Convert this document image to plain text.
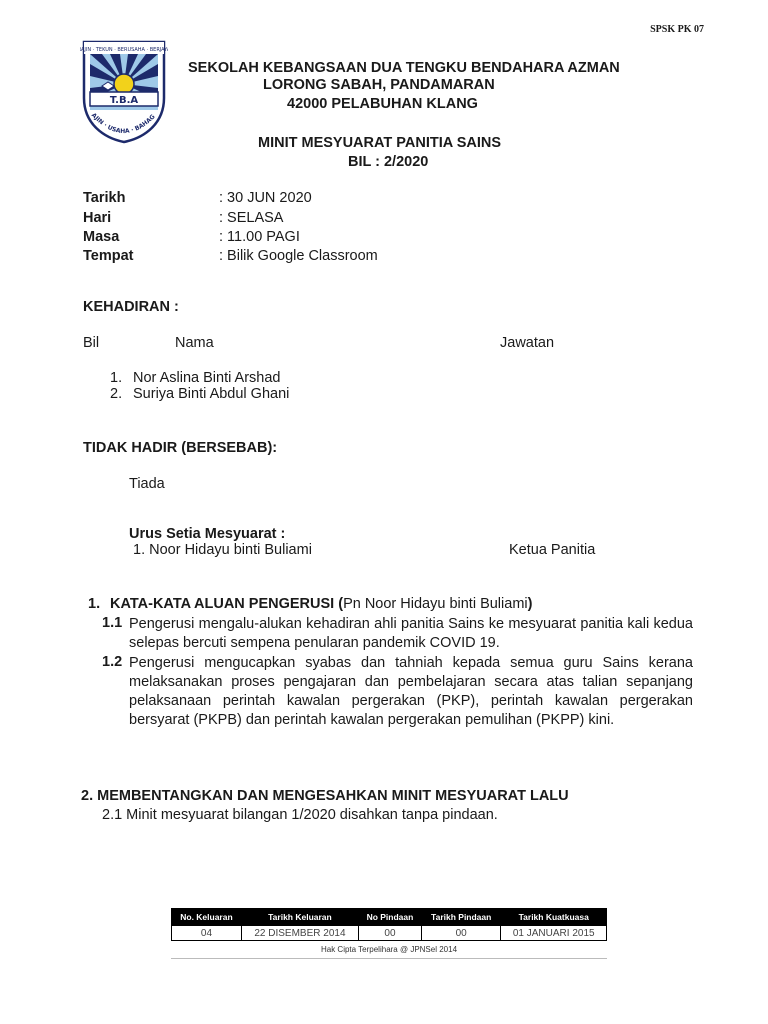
SPSK PK 07
RAJIN · TEKUN · BERUSAHA · BERJAYA
T.B.A
AJIN · USAHA · BAHAG
SEKOLAH KEBANGSAAN DUA TENGKU BENDAHARA AZMAN
LORONG SABAH, PANDAMARAN
42000 PELABUHAN KLANG
MINIT MESYUARAT PANITIA SAINS
BIL : 2/2020
Tarikh	: 30 JUN 2020
Hari	: SELASA
Masa	: 11.00 PAGI
Tempat	: Bilik Google Classroom
KEHADIRAN :
Bil	Nama	Jawatan
1. Nor Aslina Binti Arshad
2. Suriya Binti Abdul Ghani
TIDAK HADIR (BERSEBAB):
Tiada
Urus Setia Mesyuarat :
1. Noor Hidayu binti Buliami	Ketua Panitia
1. KATA-KATA ALUAN PENGERUSI (Pn Noor Hidayu binti Buliami)
1.1 Pengerusi mengalu-alukan kehadiran ahli panitia Sains ke mesyuarat panitia kali kedua selepas bercuti sempena penularan pandemik COVID 19.
1.2 Pengerusi mengucapkan syabas dan tahniah kepada semua guru Sains kerana melaksanakan proses pengajaran dan pembelajaran secara atas talian sepanjang pelaksanaan perintah kawalan pergerakan (PKP), perintah kawalan pergerakan bersyarat (PKPB) dan perintah kawalan pergerakan pemulihan (PKPP) kini.
2. MEMBENTANGKAN DAN MENGESAHKAN MINIT MESYUARAT LALU
2.1 Minit mesyuarat bilangan 1/2020 disahkan tanpa pindaan.
No. Keluaran	Tarikh Keluaran	No Pindaan	Tarikh Pindaan	Tarikh Kuatkuasa
04	22 DISEMBER 2014	00	00	01 JANUARI 2015
Hak Cipta Terpelihara @ JPNSel 2014
